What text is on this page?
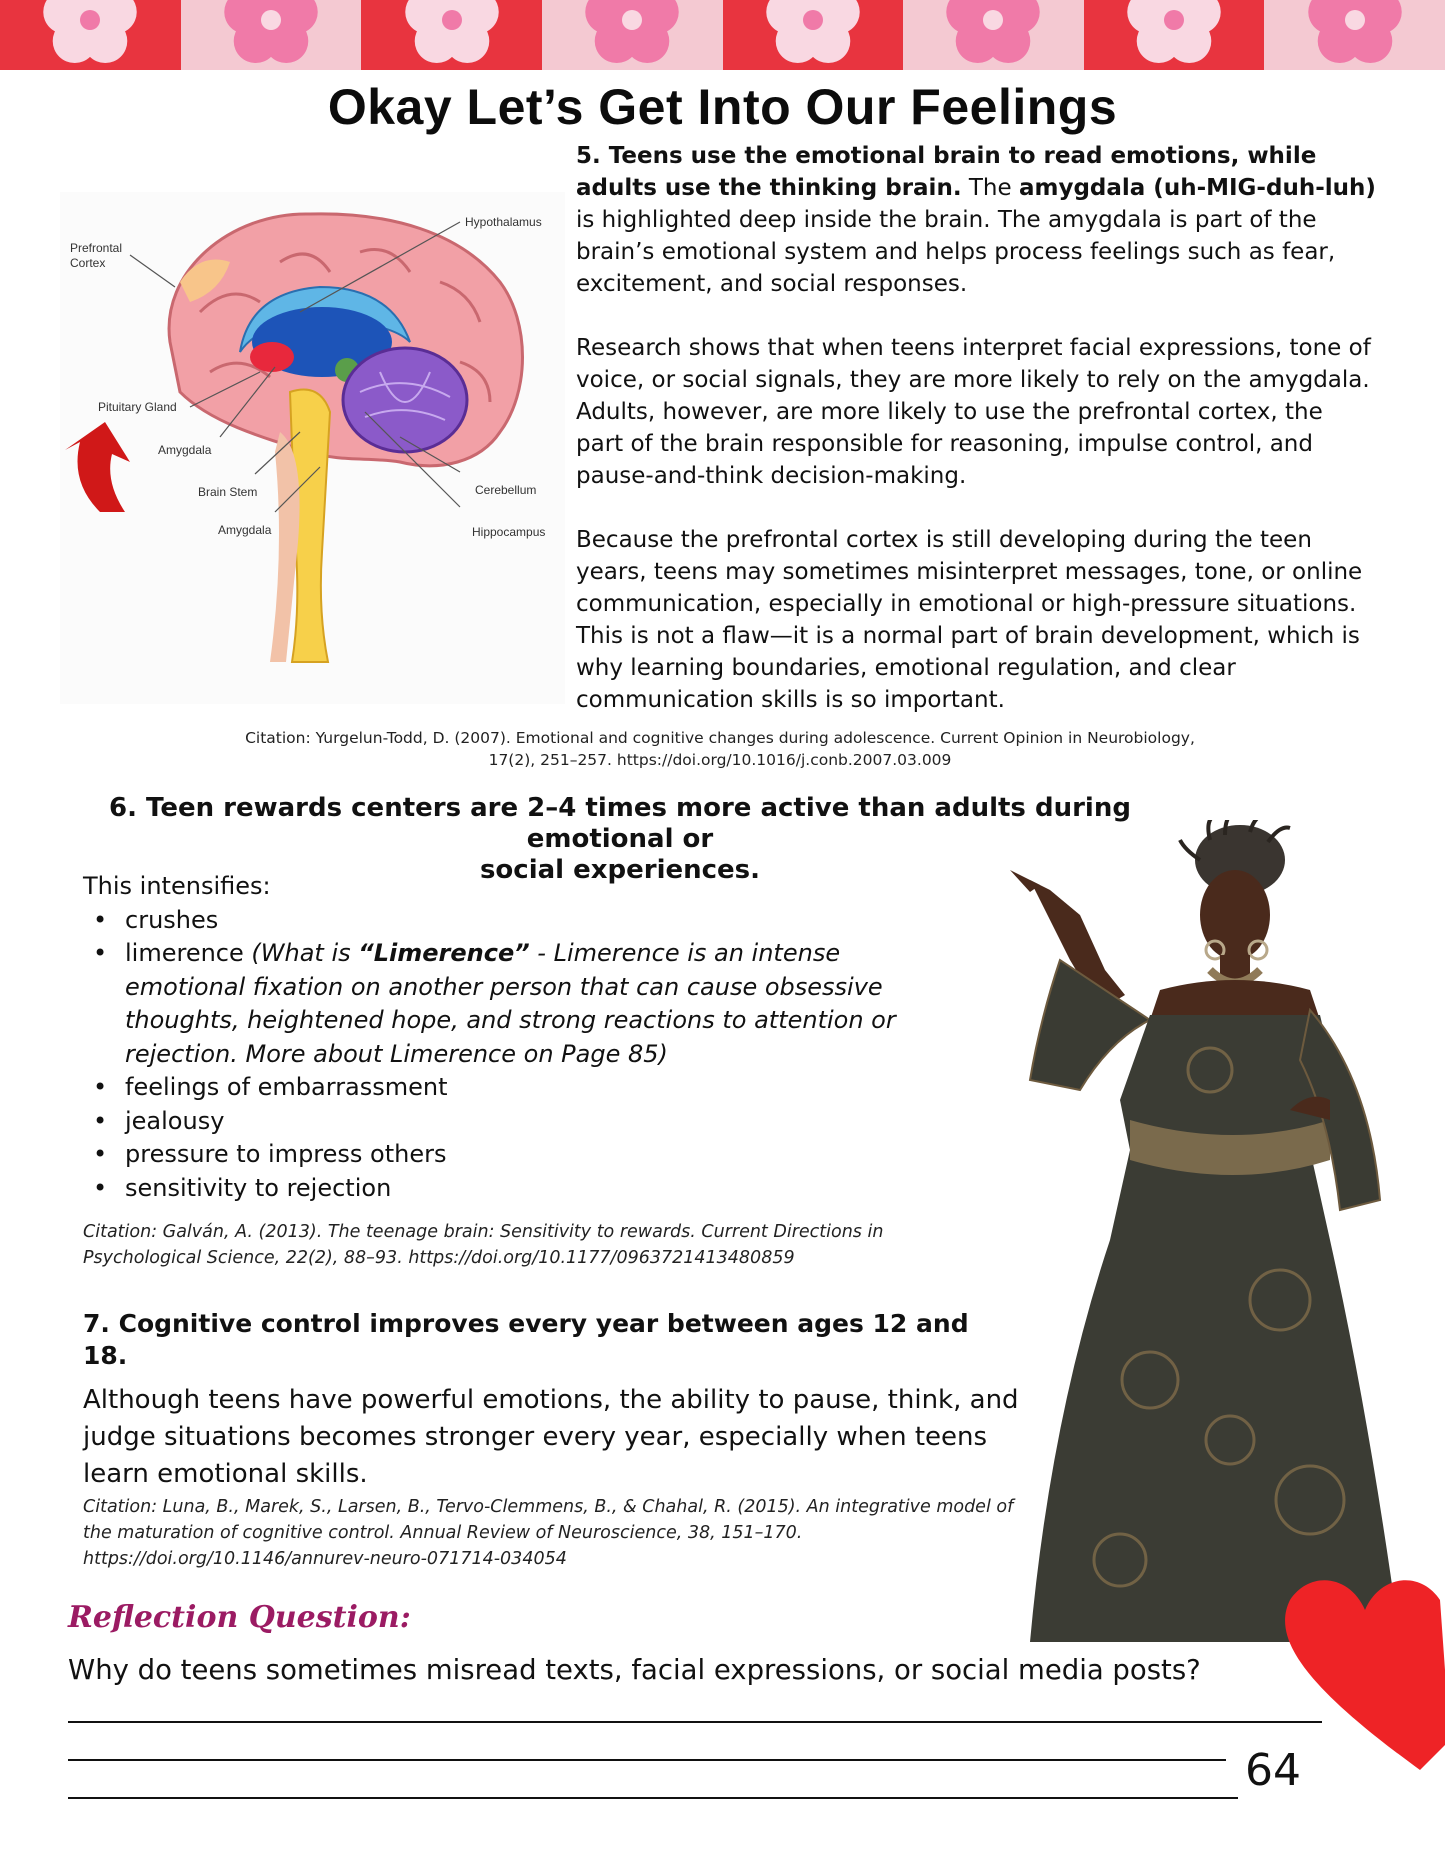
Okay Let’s Get Into Our Feelings
Hypothalamus
Prefrontal
Cortex
Pituitary Gland
Amygdala
Brain Stem	Cerebellum
Amygdala	Hippocampus

5. Teens use the emotional brain to read emotions, while adults use the thinking brain. The amygdala (uh-MIG-duh-luh) is highlighted deep inside the brain. The amygdala is part of the brain’s emotional system and helps process feelings such as fear, excitement, and social responses.

Research shows that when teens interpret facial expressions, tone of voice, or social signals, they are more likely to rely on the amygdala. Adults, however, are more likely to use the prefrontal cortex, the part of the brain responsible for reasoning, impulse control, and pause-and-think decision-making.

Because the prefrontal cortex is still developing during the teen years, teens may sometimes misinterpret messages, tone, or online communication, especially in emotional or high-pressure situations. This is not a flaw—it is a normal part of brain development, which is why learning boundaries, emotional regulation, and clear communication skills is so important.

Citation: Yurgelun-Todd, D. (2007). Emotional and cognitive changes during adolescence. Current Opinion in Neurobiology,
17(2), 251–257. https://doi.org/10.1016/j.conb.2007.03.009
6. Teen rewards centers are 2–4 times more active than adults during emotional or
social experiences.
This intensifies:
• crushes
• limerence (What is “Limerence” - Limerence is an intense emotional fixation on another person that can cause obsessive thoughts, heightened hope, and strong reactions to attention or rejection. More about Limerence on Page 85)
• feelings of embarrassment
• jealousy
• pressure to impress others
• sensitivity to rejection
Citation: Galván, A. (2013). The teenage brain: Sensitivity to rewards. Current Directions in Psychological Science, 22(2), 88–93. https://doi.org/10.1177/0963721413480859
7. Cognitive control improves every year between ages 12 and 18.

Although teens have powerful emotions, the ability to pause, think, and judge situations becomes stronger every year, especially when teens learn emotional skills.

Citation: Luna, B., Marek, S., Larsen, B., Tervo-Clemmens, B., & Chahal, R. (2015). An integrative model of the maturation of cognitive control. Annual Review of Neuroscience, 38, 151–170. https://doi.org/10.1146/annurev-neuro-071714-034054
Reflection Question:
Why do teens sometimes misread texts, facial expressions, or social media posts?
64
